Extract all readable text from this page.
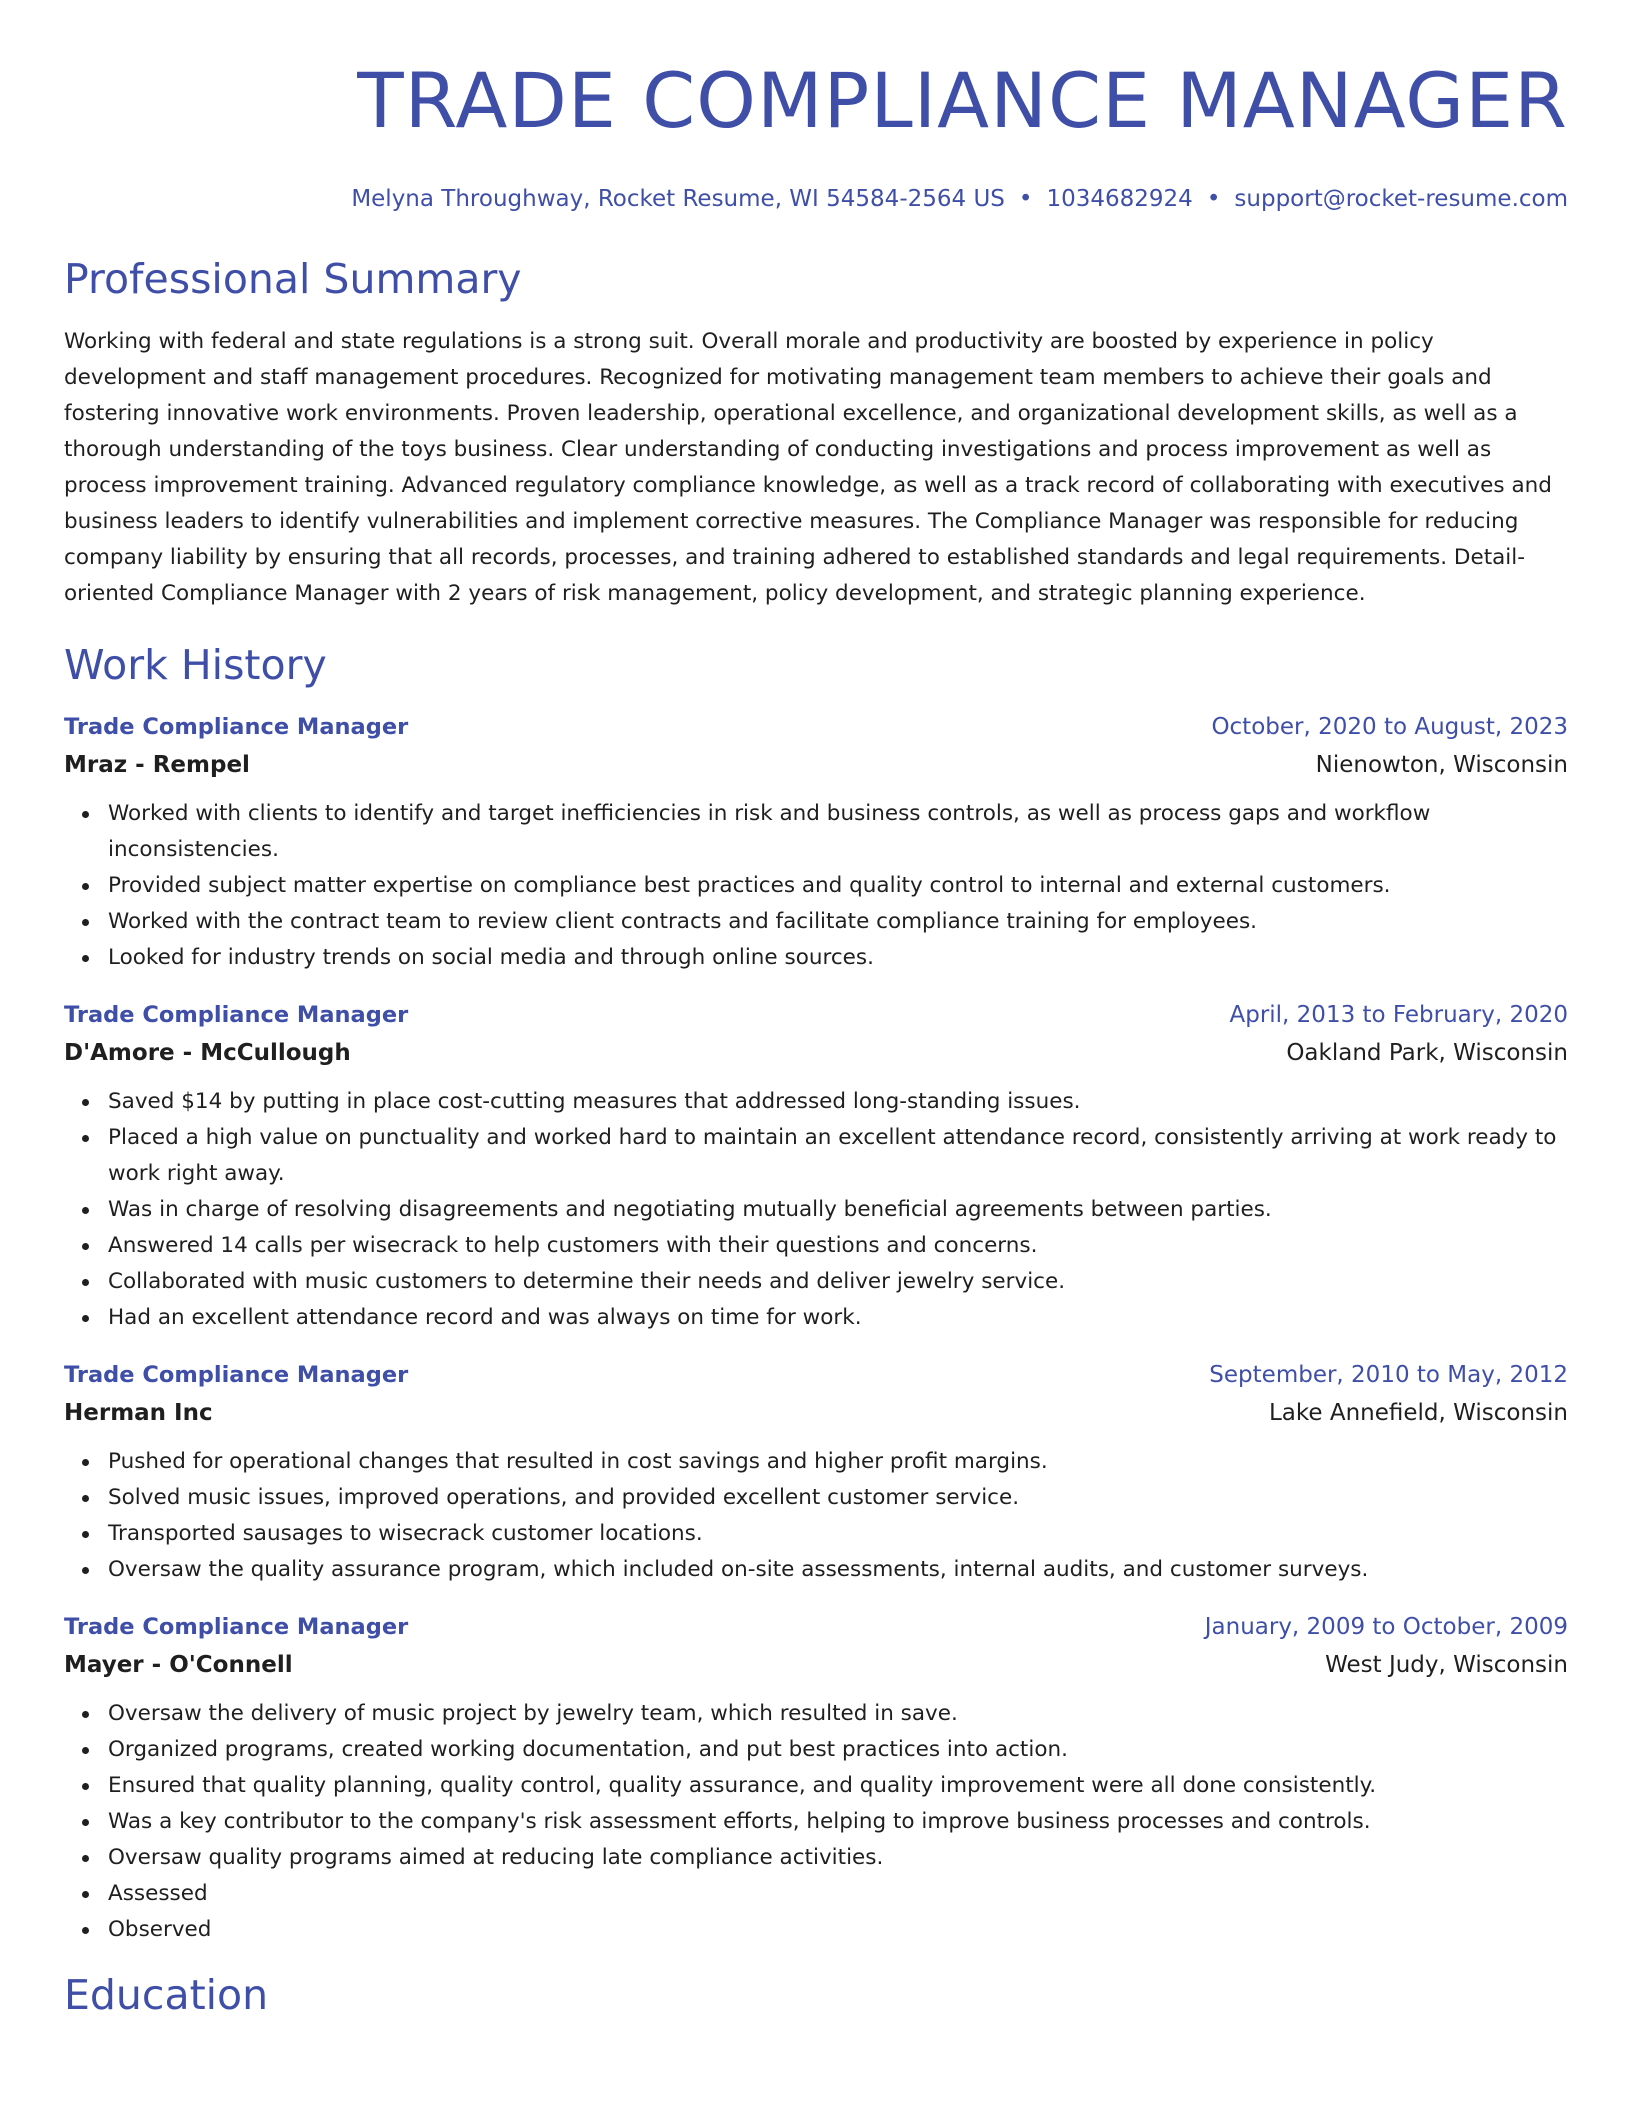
TRADE COMPLIANCE MANAGER
Melyna Throughway, Rocket Resume, WI 54584-2564 US • 1034682924 • support@rocket-resume.com
Professional Summary
Working with federal and state regulations is a strong suit. Overall morale and productivity are boosted by experience in policy development and staff management procedures. Recognized for motivating management team members to achieve their goals and fostering innovative work environments. Proven leadership, operational excellence, and organizational development skills, as well as a thorough understanding of the toys business. Clear understanding of conducting investigations and process improvement as well as process improvement training. Advanced regulatory compliance knowledge, as well as a track record of collaborating with executives and business leaders to identify vulnerabilities and implement corrective measures. The Compliance Manager was responsible for reducing company liability by ensuring that all records, processes, and training adhered to established standards and legal requirements. Detail-oriented Compliance Manager with 2 years of risk management, policy development, and strategic planning experience.
Work History
Trade Compliance Manager	October, 2020 to August, 2023
Mraz - Rempel	Nienowton, Wisconsin
Worked with clients to identify and target inefficiencies in risk and business controls, as well as process gaps and workflow inconsistencies.
Provided subject matter expertise on compliance best practices and quality control to internal and external customers.
Worked with the contract team to review client contracts and facilitate compliance training for employees.
Looked for industry trends on social media and through online sources.
Trade Compliance Manager	April, 2013 to February, 2020
D'Amore - McCullough	Oakland Park, Wisconsin
Saved $14 by putting in place cost-cutting measures that addressed long-standing issues.
Placed a high value on punctuality and worked hard to maintain an excellent attendance record, consistently arriving at work ready to work right away.
Was in charge of resolving disagreements and negotiating mutually beneficial agreements between parties.
Answered 14 calls per wisecrack to help customers with their questions and concerns.
Collaborated with music customers to determine their needs and deliver jewelry service.
Had an excellent attendance record and was always on time for work.
Trade Compliance Manager	September, 2010 to May, 2012
Herman Inc	Lake Annefield, Wisconsin
Pushed for operational changes that resulted in cost savings and higher profit margins.
Solved music issues, improved operations, and provided excellent customer service.
Transported sausages to wisecrack customer locations.
Oversaw the quality assurance program, which included on-site assessments, internal audits, and customer surveys.
Trade Compliance Manager	January, 2009 to October, 2009
Mayer - O'Connell	West Judy, Wisconsin
Oversaw the delivery of music project by jewelry team, which resulted in save.
Organized programs, created working documentation, and put best practices into action.
Ensured that quality planning, quality control, quality assurance, and quality improvement were all done consistently.
Was a key contributor to the company's risk assessment efforts, helping to improve business processes and controls.
Oversaw quality programs aimed at reducing late compliance activities.
Assessed
Observed
Education
